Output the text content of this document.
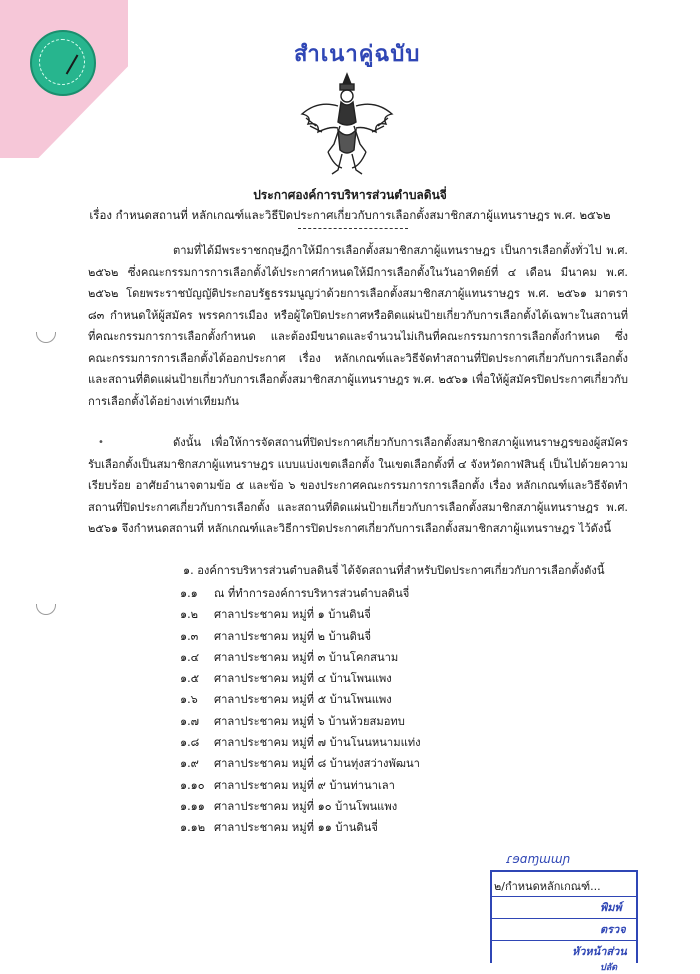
สำเนาคู่ฉบับ
ประกาศองค์การบริหารส่วนตำบลดินจี่
เรื่อง กำหนดสถานที่ หลักเกณฑ์และวิธีปิดประกาศเกี่ยวกับการเลือกตั้งสมาชิกสภาผู้แทนราษฎร พ.ศ. ๒๕๖๒

ตามที่ได้มีพระราชกฤษฎีกาให้มีการเลือกตั้งสมาชิกสภาผู้แทนราษฎร เป็นการเลือกตั้งทั่วไป พ.ศ. ๒๕๖๒ ซึ่งคณะกรรมการการเลือกตั้งได้ประกาศกำหนดให้มีการเลือกตั้งในวันอาทิตย์ที่ ๔ เดือน มีนาคม พ.ศ. ๒๕๖๒ โดยพระราชบัญญัติประกอบรัฐธรรมนูญว่าด้วยการเลือกตั้งสมาชิกสภาผู้แทนราษฎร พ.ศ. ๒๕๖๑ มาตรา ๘๓ กำหนดให้ผู้สมัคร พรรคการเมือง หรือผู้ใดปิดประกาศหรือติดแผ่นป้ายเกี่ยวกับการเลือกตั้งได้เฉพาะในสถานที่ที่คณะกรรมการการเลือกตั้งกำหนด และต้องมีขนาดและจำนวนไม่เกินที่คณะกรรมการการเลือกตั้งกำหนด ซึ่งคณะกรรมการการเลือกตั้งได้ออกประกาศ เรื่อง หลักเกณฑ์และวิธีจัดทำสถานที่ปิดประกาศเกี่ยวกับการเลือกตั้งและสถานที่ติดแผ่นป้ายเกี่ยวกับการเลือกตั้งสมาชิกสภาผู้แทนราษฎร พ.ศ. ๒๕๖๑ เพื่อให้ผู้สมัครปิดประกาศเกี่ยวกับการเลือกตั้งได้อย่างเท่าเทียมกัน

•	ดังนั้น เพื่อให้การจัดสถานที่ปิดประกาศเกี่ยวกับการเลือกตั้งสมาชิกสภาผู้แทนราษฎรของผู้สมัครรับเลือกตั้งเป็นสมาชิกสภาผู้แทนราษฎร แบบแบ่งเขตเลือกตั้ง ในเขตเลือกตั้งที่ ๔ จังหวัดกาฬสินธุ์ เป็นไปด้วยความเรียบร้อย อาศัยอำนาจตามข้อ ๕ และข้อ ๖ ของประกาศคณะกรรมการการเลือกตั้ง เรื่อง หลักเกณฑ์และวิธีจัดทำ สถานที่ปิดประกาศเกี่ยวกับการเลือกตั้ง และสถานที่ติดแผ่นป้ายเกี่ยวกับการเลือกตั้งสมาชิกสภาผู้แทนราษฎร พ.ศ. ๒๕๖๑ จึงกำหนดสถานที่ หลักเกณฑ์และวิธีการปิดประกาศเกี่ยวกับการเลือกตั้งสมาชิกสภาผู้แทนราษฎร ไว้ดังนี้

๑. องค์การบริหารส่วนตำบลดินจี่ ได้จัดสถานที่สำหรับปิดประกาศเกี่ยวกับการเลือกตั้งดังนี้
๑.๑ ณ ที่ทำการองค์การบริหารส่วนตำบลดินจี่
๑.๒ ศาลาประชาคม หมู่ที่ ๑ บ้านดินจี่
๑.๓ ศาลาประชาคม หมู่ที่ ๒ บ้านดินจี่
๑.๔ ศาลาประชาคม หมู่ที่ ๓ บ้านโคกสนาม
๑.๕ ศาลาประชาคม หมู่ที่ ๔ บ้านโพนแพง
๑.๖ ศาลาประชาคม หมู่ที่ ๕ บ้านโพนแพง
๑.๗ ศาลาประชาคม หมู่ที่ ๖ บ้านห้วยสมอทบ
๑.๘ ศาลาประชาคม หมู่ที่ ๗ บ้านโนนหนามแท่ง
๑.๙ ศาลาประชาคม หมู่ที่ ๘ บ้านทุ่งสว่างพัฒนา
๑.๑๐ ศาลาประชาคม หมู่ที่ ๙ บ้านท่านาเลา
๑.๑๑ ศาลาประชาคม หมู่ที่ ๑๐ บ้านโพนแพง
๑.๑๒ ศาลาประชาคม หมู่ที่ ๑๑ บ้านดินจี่
ɾɘɑɱɯɯɲ
พิมพ์
ตรวจ
หัวหน้าส่วน
ปลัด
๒/กำหนดหลักเกณฑ์...
